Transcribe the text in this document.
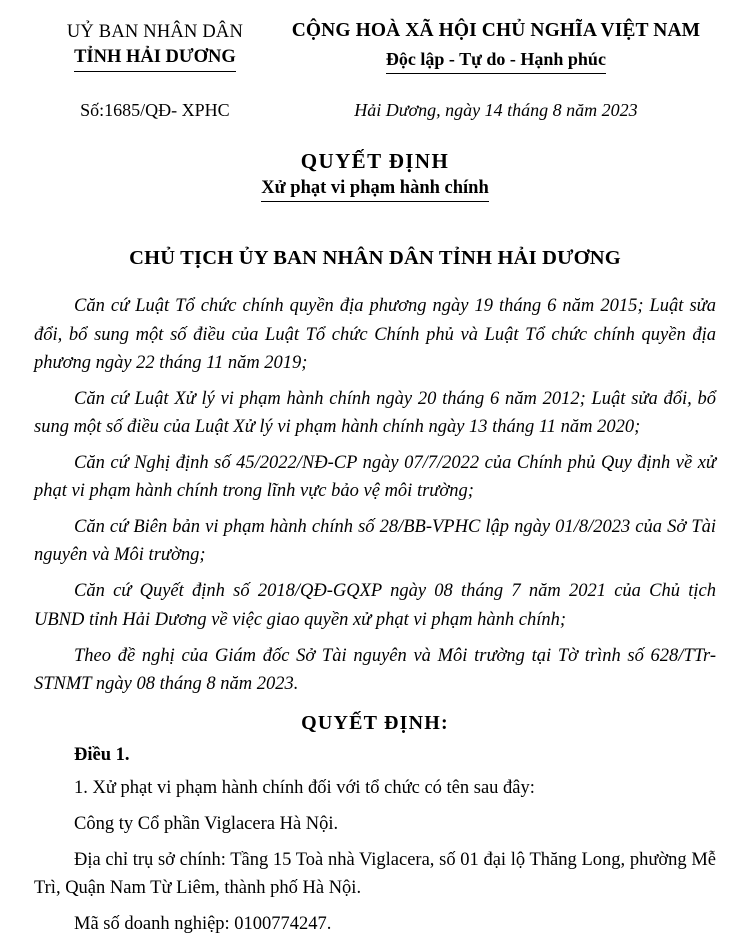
UỶ BAN NHÂN DÂN
TỈNH HẢI DƯƠNG
CỘNG HOÀ XÃ HỘI CHỦ NGHĨA VIỆT NAM
Độc lập - Tự do - Hạnh phúc
Số:1685/QĐ- XPHC	Hải Dương, ngày 14 tháng 8 năm 2023
QUYẾT ĐỊNH
Xử phạt vi phạm hành chính
CHỦ TỊCH ỦY BAN NHÂN DÂN TỈNH HẢI DƯƠNG
Căn cứ Luật Tổ chức chính quyền địa phương ngày 19 tháng 6 năm 2015; Luật sửa đổi, bổ sung một số điều của Luật Tổ chức Chính phủ và Luật Tổ chức chính quyền địa phương ngày 22 tháng 11 năm 2019;
Căn cứ Luật Xử lý vi phạm hành chính ngày 20 tháng 6 năm 2012; Luật sửa đổi, bổ sung một số điều của Luật Xử lý vi phạm hành chính ngày 13 tháng 11 năm 2020;
Căn cứ Nghị định số 45/2022/NĐ-CP ngày 07/7/2022 của Chính phủ Quy định về xử phạt vi phạm hành chính trong lĩnh vực bảo vệ môi trường;
Căn cứ Biên bản vi phạm hành chính số 28/BB-VPHC lập ngày 01/8/2023 của Sở Tài nguyên và Môi trường;
Căn cứ Quyết định số 2018/QĐ-GQXP ngày 08 tháng 7 năm 2021 của Chủ tịch UBND tỉnh Hải Dương về việc giao quyền xử phạt vi phạm hành chính;
Theo đề nghị của Giám đốc Sở Tài nguyên và Môi trường tại Tờ trình số 628/TTr-STNMT ngày 08 tháng 8 năm 2023.
QUYẾT ĐỊNH:
Điều 1.
1. Xử phạt vi phạm hành chính đối với tổ chức có tên sau đây:
Công ty Cổ phần Viglacera Hà Nội.
Địa chỉ trụ sở chính: Tầng 15 Toà nhà Viglacera, số 01 đại lộ Thăng Long, phường Mễ Trì, Quận Nam Từ Liêm, thành phố Hà Nội.
Mã số doanh nghiệp: 0100774247.
